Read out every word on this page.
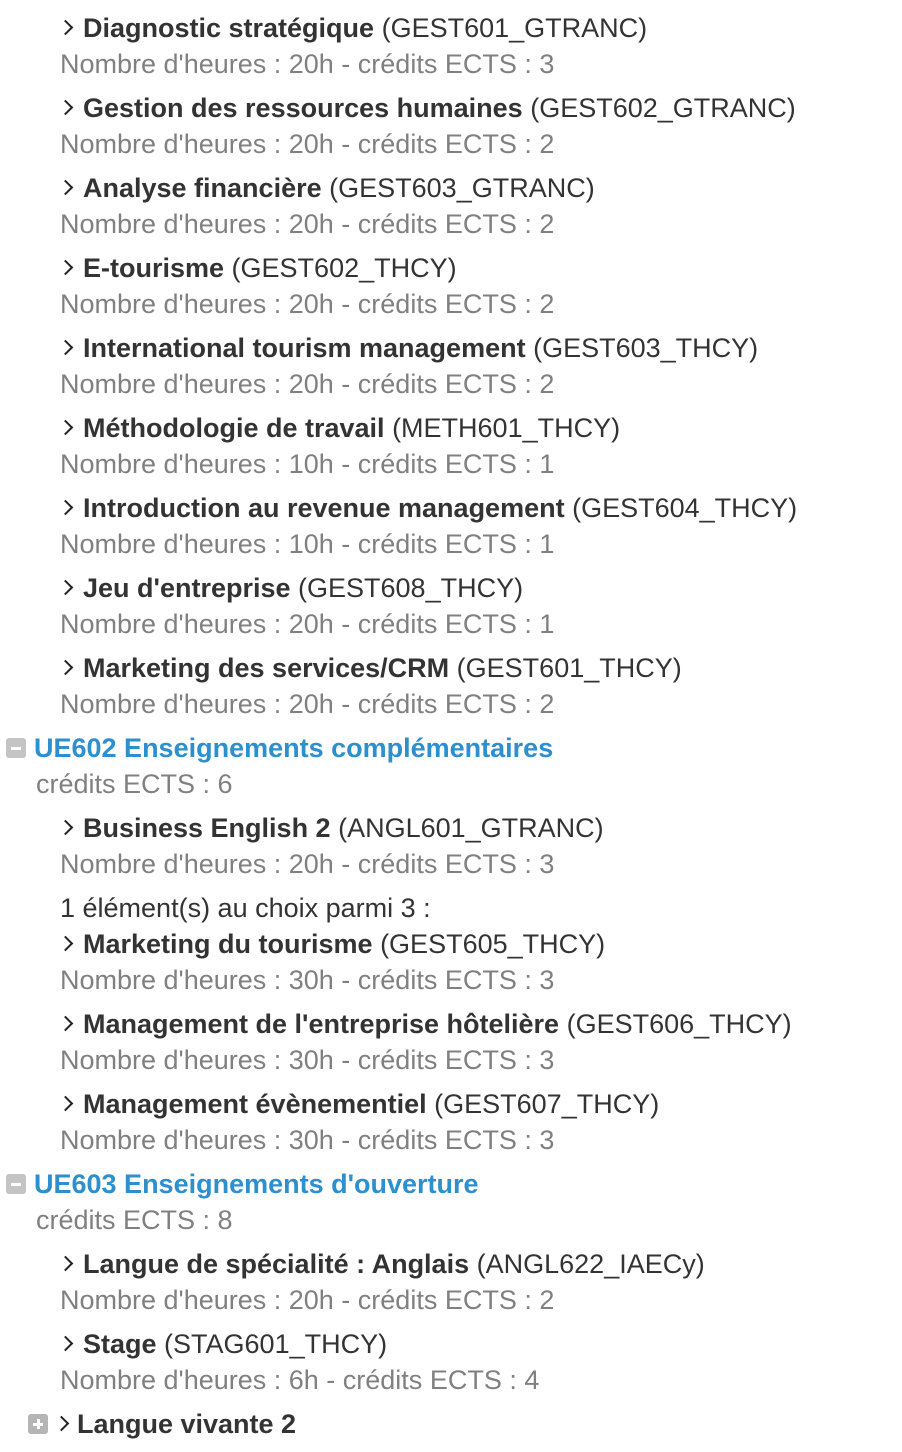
Diagnostic stratégique (GEST601_GTRANC)
Nombre d'heures : 20h - crédits ECTS : 3
Gestion des ressources humaines (GEST602_GTRANC)
Nombre d'heures : 20h - crédits ECTS : 2
Analyse financière (GEST603_GTRANC)
Nombre d'heures : 20h - crédits ECTS : 2
E-tourisme (GEST602_THCY)
Nombre d'heures : 20h - crédits ECTS : 2
International tourism management (GEST603_THCY)
Nombre d'heures : 20h - crédits ECTS : 2
Méthodologie de travail (METH601_THCY)
Nombre d'heures : 10h - crédits ECTS : 1
Introduction au revenue management (GEST604_THCY)
Nombre d'heures : 10h - crédits ECTS : 1
Jeu d'entreprise (GEST608_THCY)
Nombre d'heures : 20h - crédits ECTS : 1
Marketing des services/CRM (GEST601_THCY)
Nombre d'heures : 20h - crédits ECTS : 2
UE602 Enseignements complémentaires
crédits ECTS : 6
Business English 2 (ANGL601_GTRANC)
Nombre d'heures : 20h - crédits ECTS : 3
1 élément(s) au choix parmi 3 :
Marketing du tourisme (GEST605_THCY)
Nombre d'heures : 30h - crédits ECTS : 3
Management de l'entreprise hôtelière (GEST606_THCY)
Nombre d'heures : 30h - crédits ECTS : 3
Management évènementiel (GEST607_THCY)
Nombre d'heures : 30h - crédits ECTS : 3
UE603 Enseignements d'ouverture
crédits ECTS : 8
Langue de spécialité : Anglais (ANGL622_IAECy)
Nombre d'heures : 20h - crédits ECTS : 2
Stage (STAG601_THCY)
Nombre d'heures : 6h - crédits ECTS : 4
Langue vivante 2
